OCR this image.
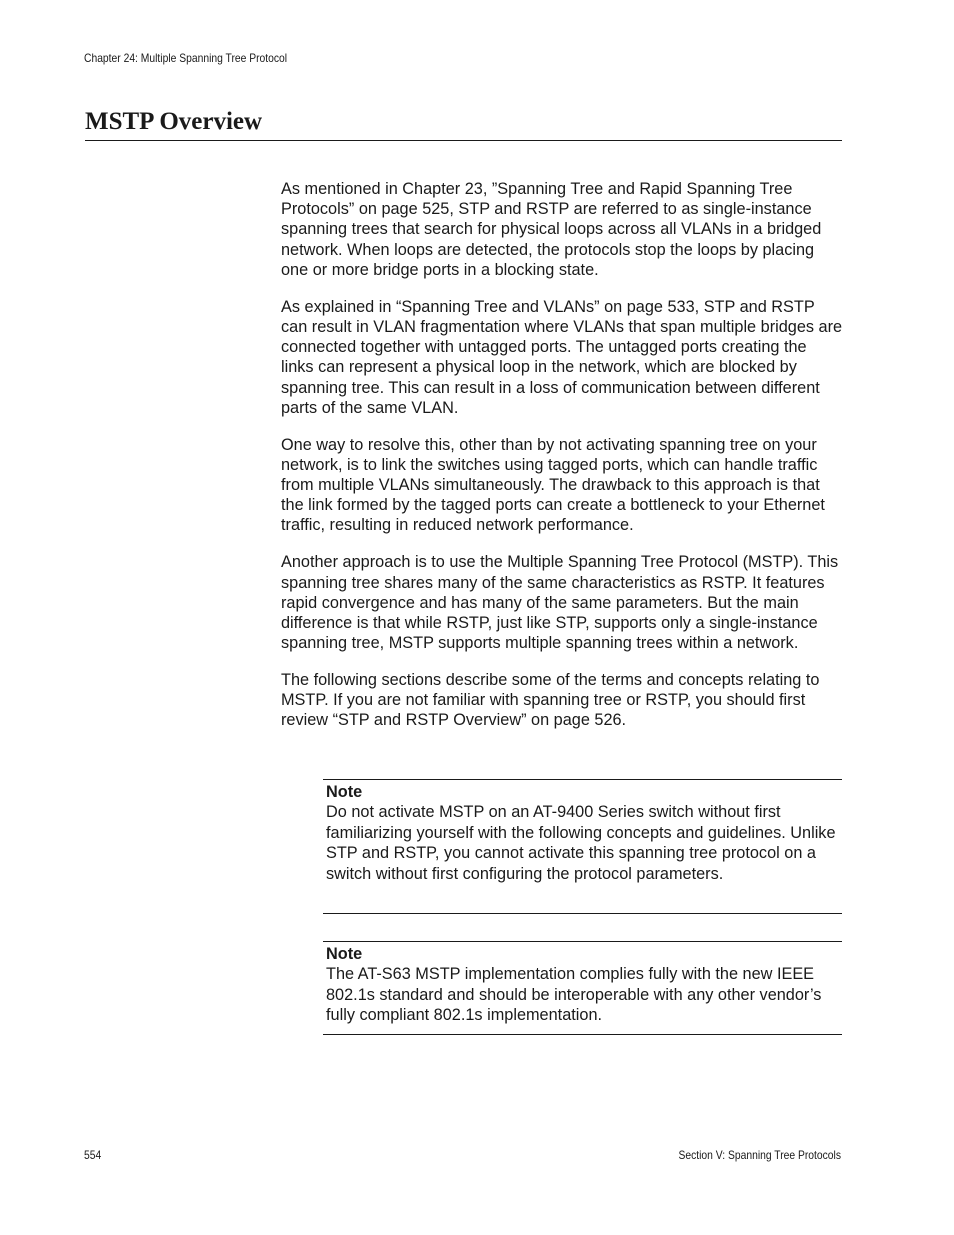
Chapter 24: Multiple Spanning Tree Protocol
MSTP Overview

As mentioned in Chapter 23, ”Spanning Tree and Rapid Spanning Tree Protocols” on page 525, STP and RSTP are referred to as single-instance spanning trees that search for physical loops across all VLANs in a bridged network. When loops are detected, the protocols stop the loops by placing one or more bridge ports in a blocking state.

As explained in “Spanning Tree and VLANs” on page 533, STP and RSTP can result in VLAN fragmentation where VLANs that span multiple bridges are connected together with untagged ports. The untagged ports creating the links can represent a physical loop in the network, which are blocked by spanning tree. This can result in a loss of communication between different parts of the same VLAN.

One way to resolve this, other than by not activating spanning tree on your network, is to link the switches using tagged ports, which can handle traffic from multiple VLANs simultaneously. The drawback to this approach is that the link formed by the tagged ports can create a bottleneck to your Ethernet traffic, resulting in reduced network performance.

Another approach is to use the Multiple Spanning Tree Protocol (MSTP). This spanning tree shares many of the same characteristics as RSTP. It features rapid convergence and has many of the same parameters. But the main difference is that while RSTP, just like STP, supports only a single-instance spanning tree, MSTP supports multiple spanning trees within a network.

The following sections describe some of the terms and concepts relating to MSTP. If you are not familiar with spanning tree or RSTP, you should first review “STP and RSTP Overview” on page 526.

Note

Do not activate MSTP on an AT-9400 Series switch without first familiarizing yourself with the following concepts and guidelines. Unlike STP and RSTP, you cannot activate this spanning tree protocol on a switch without first configuring the protocol parameters.

Note

The AT-S63 MSTP implementation complies fully with the new IEEE 802.1s standard and should be interoperable with any other vendor’s fully compliant 802.1s implementation.

554	Section V: Spanning Tree Protocols
